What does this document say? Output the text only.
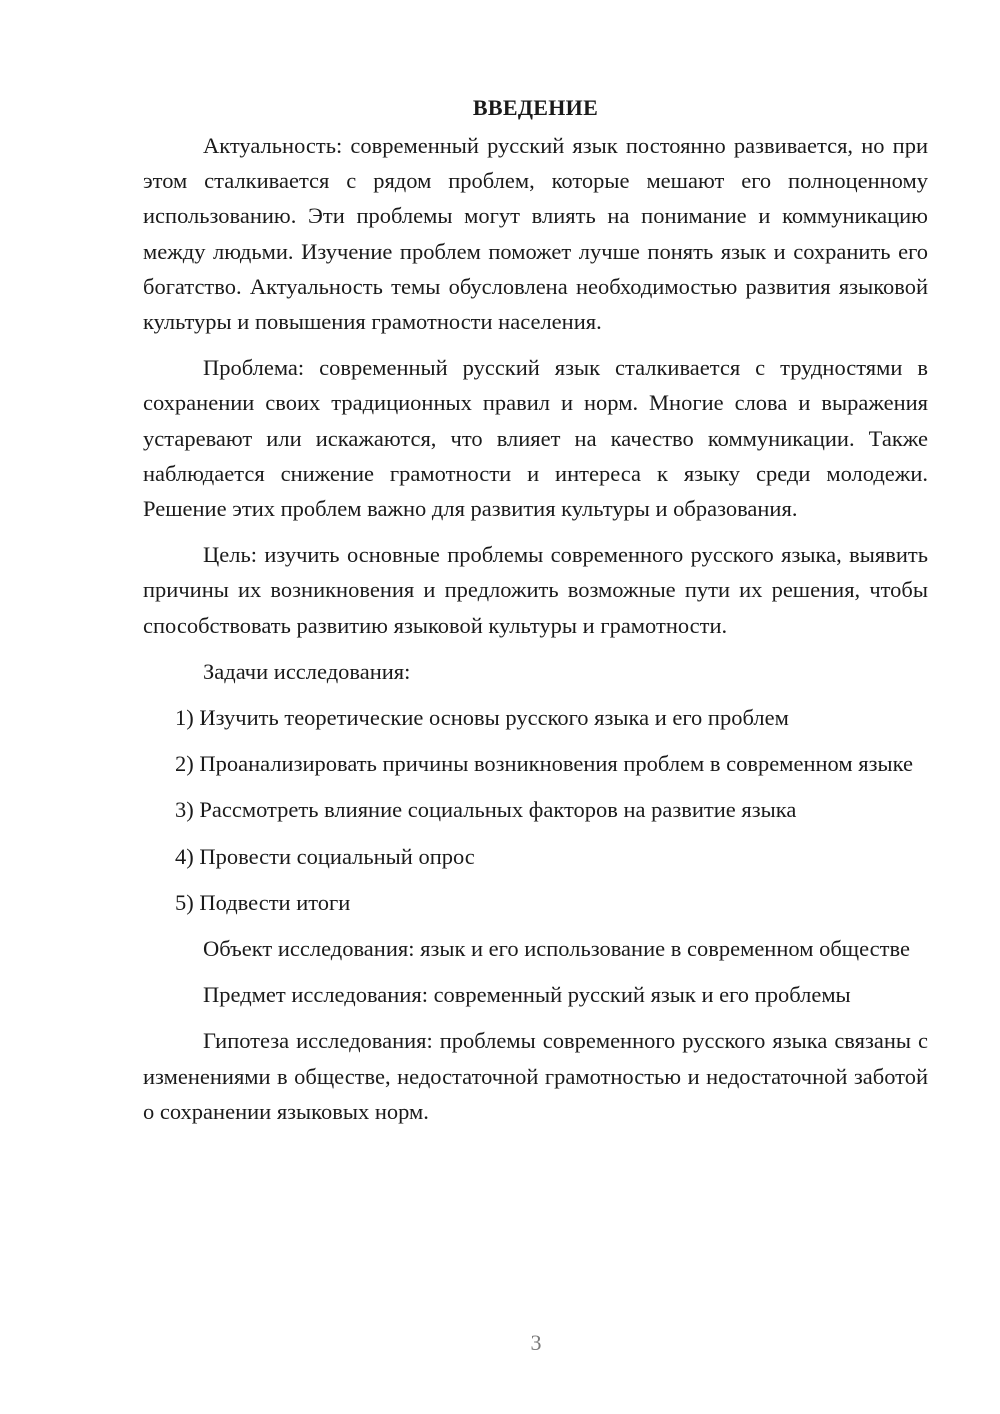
ВВЕДЕНИЕ

Актуальность: современный русский язык постоянно развивается, но при этом сталкивается с рядом проблем, которые мешают его полноценному использованию. Эти проблемы могут влиять на понимание и коммуникацию между людьми. Изучение проблем поможет лучше понять язык и сохранить его богатство. Актуальность темы обусловлена необходимостью развития языковой культуры и повышения грамотности населения.

Проблема: современный русский язык сталкивается с трудностями в сохранении своих традиционных правил и норм. Многие слова и выражения устаревают или искажаются, что влияет на качество коммуникации. Также наблюдается снижение грамотности и интереса к языку среди молодежи. Решение этих проблем важно для развития культуры и образования.

Цель: изучить основные проблемы современного русского языка, выявить причины их возникновения и предложить возможные пути их решения, чтобы способствовать развитию языковой культуры и грамотности.

Задачи исследования:

1) Изучить теоретические основы русского языка и его проблем

2) Проанализировать причины возникновения проблем в современном языке

3) Рассмотреть влияние социальных факторов на развитие языка

4) Провести социальный опрос

5) Подвести итоги

Объект исследования: язык и его использование в современном обществе

Предмет исследования: современный русский язык и его проблемы

Гипотеза исследования: проблемы современного русского языка связаны с изменениями в обществе, недостаточной грамотностью и недостаточной заботой о сохранении языковых норм.

3
